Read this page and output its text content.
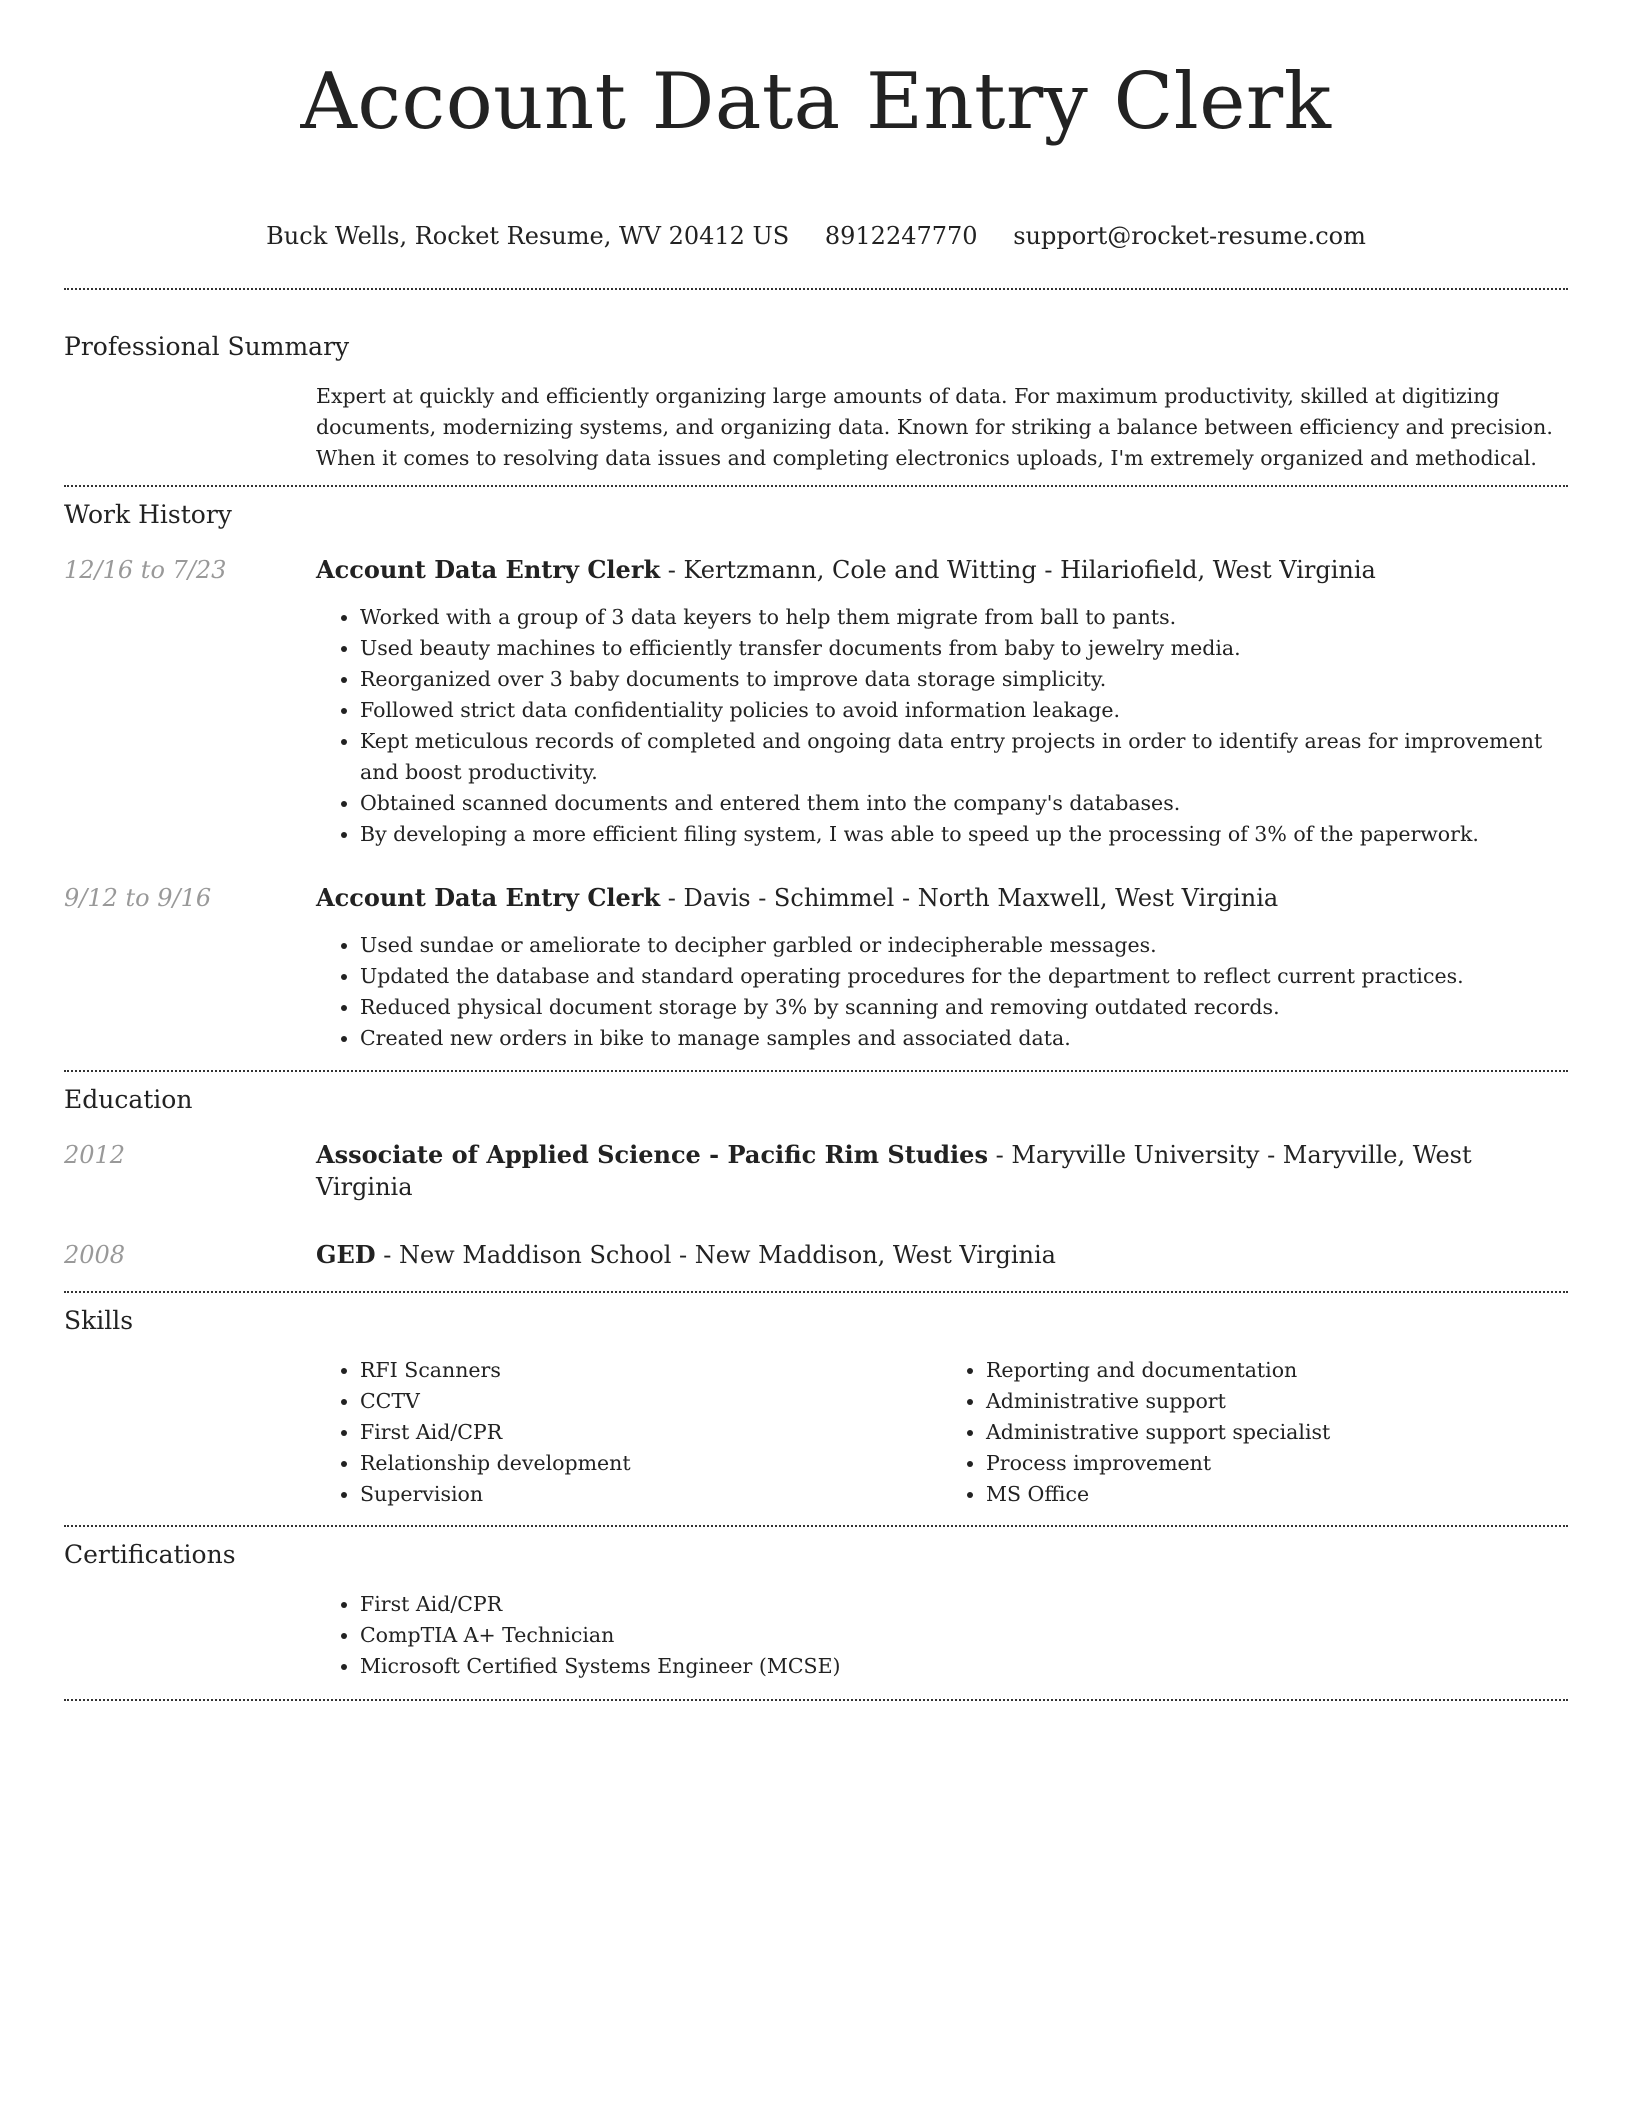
Account Data Entry Clerk
Buck Wells, Rocket Resume, WV 20412 US 8912247770 support@rocket-resume.com
Professional Summary

Expert at quickly and efficiently organizing large amounts of data. For maximum productivity, skilled at digitizing documents, modernizing systems, and organizing data. Known for striking a balance between efficiency and precision. When it comes to resolving data issues and completing electronics uploads, I'm extremely organized and methodical.

Work History
12/16 to 7/23	Account Data Entry Clerk - Kertzmann, Cole and Witting - Hilariofield, West Virginia

• Worked with a group of 3 data keyers to help them migrate from ball to pants.
• Used beauty machines to efficiently transfer documents from baby to jewelry media.
• Reorganized over 3 baby documents to improve data storage simplicity.
• Followed strict data confidentiality policies to avoid information leakage.
• Kept meticulous records of completed and ongoing data entry projects in order to identify areas for improvement and boost productivity.
• Obtained scanned documents and entered them into the company's databases.
• By developing a more efficient filing system, I was able to speed up the processing of 3% of the paperwork.
9/12 to 9/16	Account Data Entry Clerk - Davis - Schimmel - North Maxwell, West Virginia

• Used sundae or ameliorate to decipher garbled or indecipherable messages.
• Updated the database and standard operating procedures for the department to reflect current practices.
• Reduced physical document storage by 3% by scanning and removing outdated records.
• Created new orders in bike to manage samples and associated data.
Education
2012	Associate of Applied Science - Pacific Rim Studies - Maryville University - Maryville, West Virginia

2008	GED - New Maddison School - New Maddison, West Virginia

Skills
• RFI Scanners
• CCTV
• First Aid/CPR
• Relationship development
• Supervision
• Reporting and documentation
• Administrative support
• Administrative support specialist
• Process improvement
• MS Office
Certifications
• First Aid/CPR
• CompTIA A+ Technician
• Microsoft Certified Systems Engineer (MCSE)
